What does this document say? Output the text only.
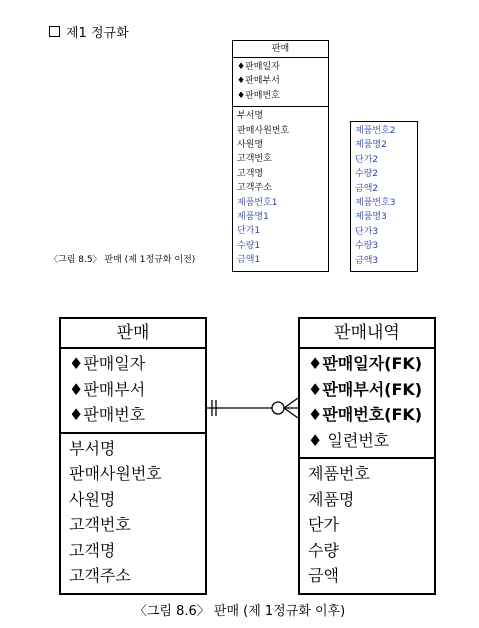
제1 정규화
판매
♦판매일자
♦판매부서
♦판매번호
부서명
판매사원번호
사원명
고객번호
고객명
고객주소
제품번호1
제품명1
단가1
수량1
금액1
제품번호2
제품명2
단가2
수량2
금액2
제품번호3
제품명3
단가3
수량3
금액3
〈그림 8.5〉 판매 (제 1정규화 이전)
판매
♦판매일자
♦판매부서
♦판매번호
부서명
판매사원번호
사원명
고객번호
고객명
고객주소
판매내역
♦판매일자(FK)
♦판매부서(FK)
♦판매번호(FK)
♦ 일련번호
제품번호
제품명
단가
수량
금액
〈그림 8.6〉 판매 (제 1정규화 이후)
